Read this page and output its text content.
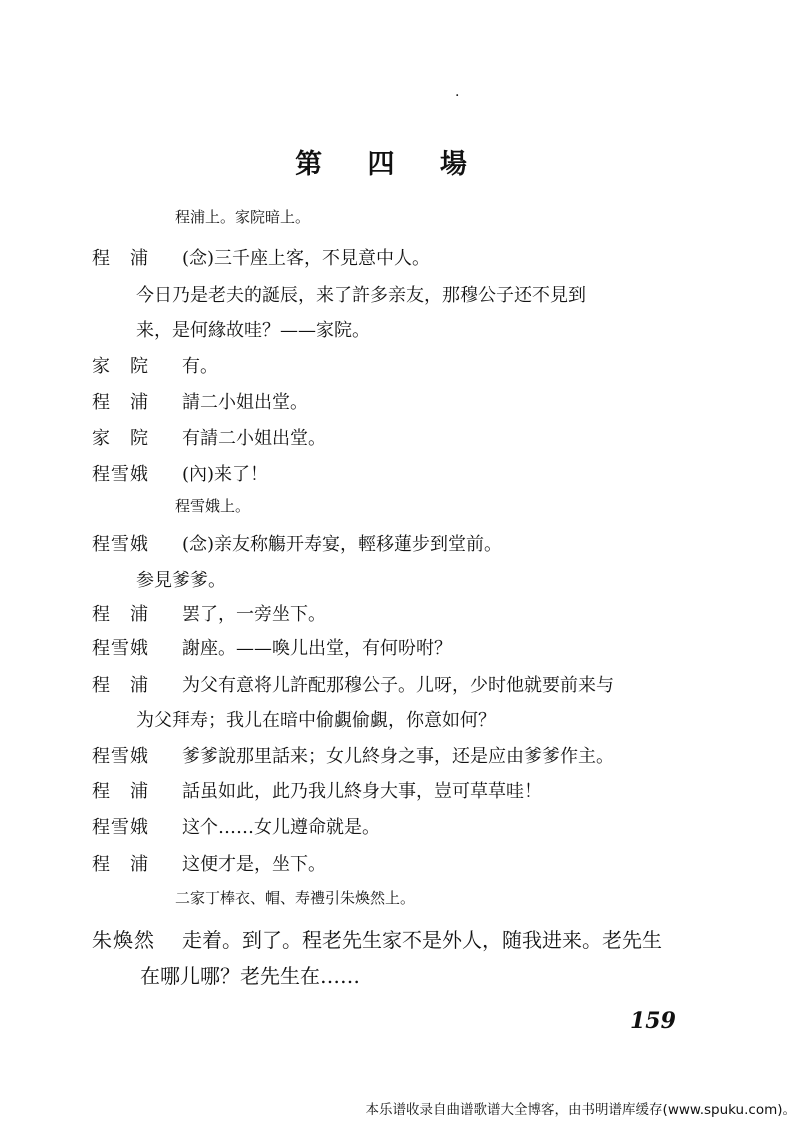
·
第 四 場
程浦上。家院暗上。
程　浦 (念)三千座上客，不見意中人。
今日乃是老夫的誕辰，来了許多亲友，那穆公子还不見到
来，是何緣故哇？——家院。
家　院 有。
程　浦 請二小姐出堂。
家　院 有請二小姐出堂。
程雪娥 (內)来了！
程雪娥上。
程雪娥 (念)亲友称觴开寿宴，輕移蓮步到堂前。
参見爹爹。
程　浦 罢了，一旁坐下。
程雪娥 謝座。——喚儿出堂，有何吩咐？
程　浦 为父有意将儿許配那穆公子。儿呀，少时他就要前来与
为父拜寿；我儿在暗中偷覷偷覷，你意如何？
程雪娥 爹爹說那里話来；女儿終身之事，还是应由爹爹作主。
程　浦 話虽如此，此乃我儿終身大事，豈可草草哇！
程雪娥 这个……女儿遵命就是。
程　浦 这便才是，坐下。
二家丁棒衣、帽、寿禮引朱煥然上。
朱煥然 走着。到了。程老先生家不是外人，随我进来。老先生
在哪儿哪？老先生在……
159
本乐谱收录自曲谱歌谱大全博客，由书明谱库缓存(www.spuku.com)。
